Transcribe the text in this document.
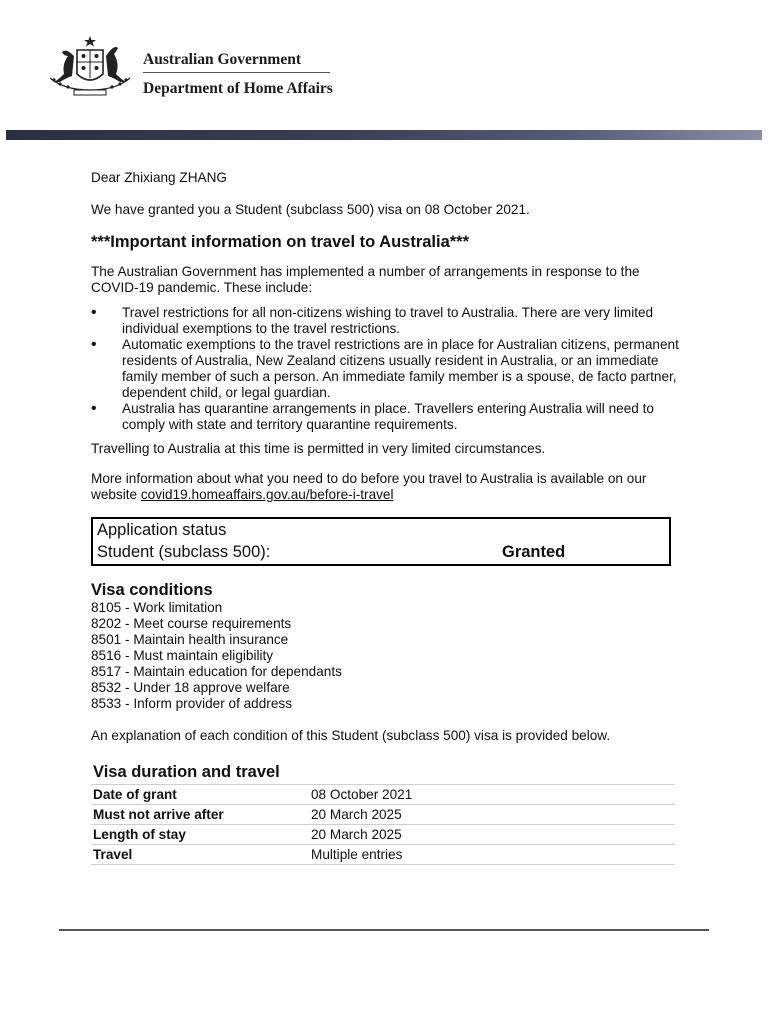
Australian Government
Department of Home Affairs

Dear Zhixiang ZHANG

We have granted you a Student (subclass 500) visa on 08 October 2021.

***Important information on travel to Australia***

The Australian Government has implemented a number of arrangements in response to the COVID-19 pandemic. These include:

• Travel restrictions for all non-citizens wishing to travel to Australia. There are very limited individual exemptions to the travel restrictions.
• Automatic exemptions to the travel restrictions are in place for Australian citizens, permanent residents of Australia, New Zealand citizens usually resident in Australia, or an immediate family member of such a person. An immediate family member is a spouse, de facto partner, dependent child, or legal guardian.
• Australia has quarantine arrangements in place. Travellers entering Australia will need to comply with state and territory quarantine requirements.

Travelling to Australia at this time is permitted in very limited circumstances.

More information about what you need to do before you travel to Australia is available on our website covid19.homeaffairs.gov.au/before-i-travel

Application status
Student (subclass 500):	Granted
Visa conditions
8105 - Work limitation
8202 - Meet course requirements
8501 - Maintain health insurance
8516 - Must maintain eligibility
8517 - Maintain education for dependants
8532 - Under 18 approve welfare
8533 - Inform provider of address

An explanation of each condition of this Student (subclass 500) visa is provided below.

Visa duration and travel
Date of grant	08 October 2021
Must not arrive after	20 March 2025
Length of stay	20 March 2025
Travel	Multiple entries
